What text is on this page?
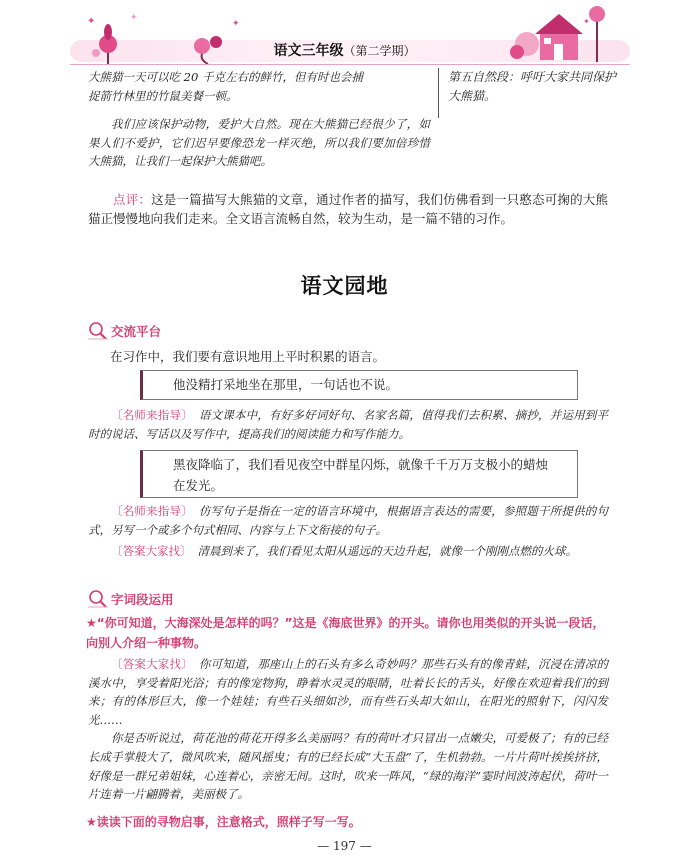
✦	✦
✦	✦
语文三年级（第二学期）

大熊猫一天可以吃 20 千克左右的鲜竹，但有时也会捕

捉箭竹林里的竹鼠美餐一顿。

第五自然段：呼吁大家共同保护大熊猫。

我们应该保护动物，爱护大自然。现在大熊猫已经很少了，如果人们不爱护，它们迟早要像恐龙一样灭绝，所以我们要加倍珍惜大熊猫，让我们一起保护大熊猫吧。

点评：这是一篇描写大熊猫的文章，通过作者的描写，我们仿佛看到一只憨态可掬的大熊猫正慢慢地向我们走来。全文语言流畅自然，较为生动，是一篇不错的习作。

语文园地
交流平台
在习作中，我们要有意识地用上平时积累的语言。
他没精打采地坐在那里，一句话也不说。

〔名师来指导〕 语文课本中，有好多好词好句、名家名篇，值得我们去积累、摘抄，并运用到平时的说话、写话以及写作中，提高我们的阅读能力和写作能力。

黑夜降临了，我们看见夜空中群星闪烁，就像千千万万支极小的蜡烛在发光。

〔名师来指导〕 仿写句子是指在一定的语言环境中，根据语言表达的需要，参照题干所提供的句式，另写一个或多个句式相同、内容与上下文衔接的句子。

〔答案大家找〕 清晨到来了，我们看见太阳从遥远的天边升起，就像一个刚刚点燃的火球。

字词段运用
★“你可知道，大海深处是怎样的吗？”这是《海底世界》的开头。请你也用类似的开头说一段话，向别人介绍一种事物。

〔答案大家找〕 你可知道，那座山上的石头有多么奇妙吗？那些石头有的像青蛙，沉浸在清凉的溪水中，享受着阳光浴；有的像宠物狗，睁着水灵灵的眼睛，吐着长长的舌头，好像在欢迎着我们的到来；有的体形巨大，像一个娃娃；有些石头细如沙，而有些石头却大如山，在阳光的照射下，闪闪发光……

你是否听说过，荷花池的荷花开得多么美丽吗？有的荷叶才只冒出一点嫩尖，可爱极了；有的已经长成手掌般大了，微风吹来，随风摇曳；有的已经长成“大玉盘”了，生机勃勃。一片片荷叶挨挨挤挤，好像是一群兄弟姐妹，心连着心，亲密无间。这时，吹来一阵风，“绿的海洋”霎时间波涛起伏，荷叶一片连着一片翩腾着，美丽极了。

★读读下面的寻物启事，注意格式，照样子写一写。
— 197 —
